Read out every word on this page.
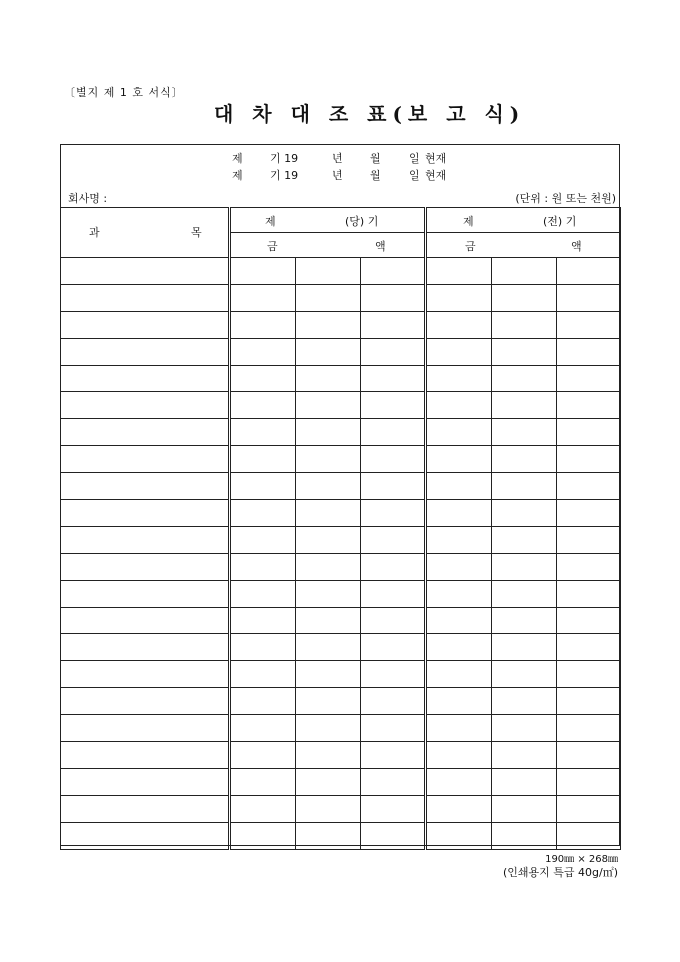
〔별지 제 1 호 서식〕
대 차 대 조 표(보 고 식)
제 기 19	년 월	일 현재
제 기 19	년 월	일 현재
회사명 :	(단위 : 원 또는 천원)
과 목	제 (당) 기			제 (전) 기		

	금 액			금 액		

190㎜ × 268㎜
(인쇄용지 특급 40g/㎡)
